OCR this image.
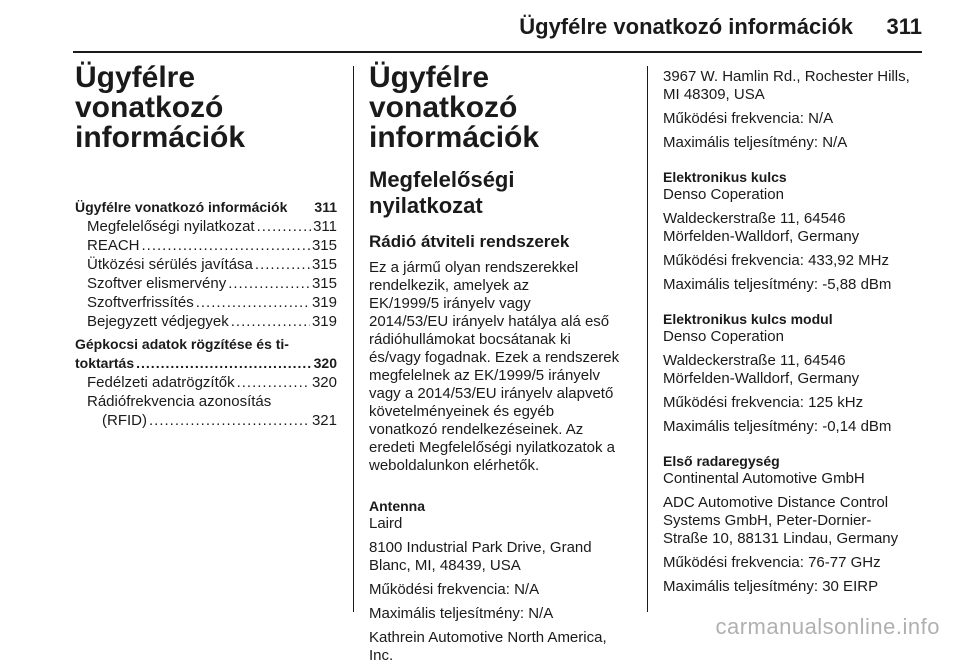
Ügyfélre vonatkozó információk 311
Ügyfélre vonatkozó
információk
Ügyfélre vonatkozó információk 311
Megfelelőségi nyilatkozat .....	311
REACH .....	315
Ütközési sérülés javítása .....	315
Szoftver elismervény .....	315
Szoftverfrissítés .....	319
Bejegyzett védjegyek .....	319
Gépkocsi adatok rögzítése és ti-
toktartás .....	320
Fedélzeti adatrögzítők .....	320
Rádiófrekvencia azonosítás
(RFID) .....	321
Ügyfélre vonatkozó
információk
Megfelelőségi nyilatkozat
Rádió átviteli rendszerek
Ez a jármű olyan rendszerekkel
rendelkezik, amelyek az
EK/1999/5 irányelv vagy
2014/53/EU irányelv hatálya alá eső
rádióhullámokat bocsátanak ki
és/vagy fogadnak. Ezek a rendszerek
megfelelnek az EK/1999/5 irányelv
vagy a 2014/53/EU irányelv alapvető
követelményeinek és egyéb
vonatkozó rendelkezéseinek. Az
eredeti Megfelelőségi nyilatkozatok a
weboldalunkon elérhetők.
Antenna
Laird
8100 Industrial Park Drive, Grand
Blanc, MI, 48439, USA
Működési frekvencia: N/A
Maximális teljesítmény: N/A
Kathrein Automotive North America,
Inc.
3967 W. Hamlin Rd., Rochester Hills,
MI 48309, USA
Működési frekvencia: N/A
Maximális teljesítmény: N/A
Elektronikus kulcs
Denso Coperation
Waldeckerstraße 11, 64546
Mörfelden-Walldorf, Germany
Működési frekvencia: 433,92 MHz
Maximális teljesítmény: -5,88 dBm
Elektronikus kulcs modul
Denso Coperation
Waldeckerstraße 11, 64546
Mörfelden-Walldorf, Germany
Működési frekvencia: 125 kHz
Maximális teljesítmény: -0,14 dBm
Első radaregység
Continental Automotive GmbH
ADC Automotive Distance Control
Systems GmbH, Peter-Dornier-
Straße 10, 88131 Lindau, Germany
Működési frekvencia: 76-77 GHz
Maximális teljesítmény: 30 EIRP
carmanualsonline.info
